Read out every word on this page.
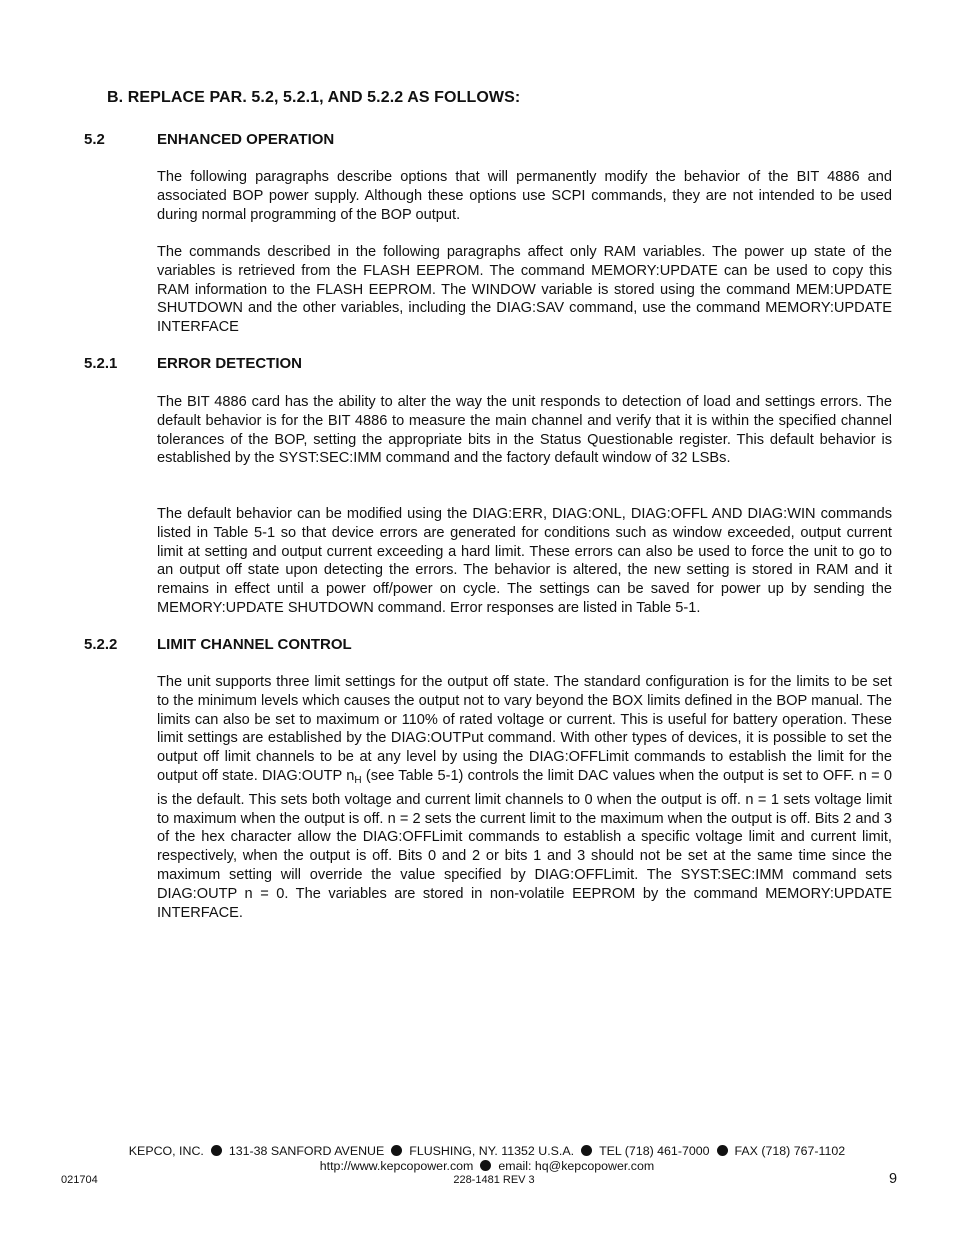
B. REPLACE PAR. 5.2, 5.2.1, AND 5.2.2 AS FOLLOWS:
5.2	ENHANCED OPERATION
The following paragraphs describe options that will permanently modify the behavior of the BIT 4886 and associated BOP power supply. Although these options use SCPI commands, they are not intended to be used during normal programming of the BOP output.
The commands described in the following paragraphs affect only RAM variables. The power up state of the variables is retrieved from the FLASH EEPROM. The command MEMORY:UPDATE can be used to copy this RAM information to the FLASH EEPROM. The WINDOW variable is stored using the command MEM:UPDATE SHUTDOWN and the other variables, including the DIAG:SAV command, use the command MEMORY:UPDATE INTERFACE
5.2.1	ERROR DETECTION
The BIT 4886 card has the ability to alter the way the unit responds to detection of load and settings errors. The default behavior is for the BIT 4886 to measure the main channel and verify that it is within the specified channel tolerances of the BOP, setting the appropriate bits in the Status Questionable register. This default behavior is established by the SYST:SEC:IMM command and the factory default window of 32 LSBs.
The default behavior can be modified using the DIAG:ERR, DIAG:ONL, DIAG:OFFL AND DIAG:WIN commands listed in Table 5-1 so that device errors are generated for conditions such as window exceeded, output current limit at setting and output current exceeding a hard limit. These errors can also be used to force the unit to go to an output off state upon detecting the errors. The behavior is altered, the new setting is stored in RAM and it remains in effect until a power off/power on cycle. The settings can be saved for power up by sending the MEMORY:UPDATE SHUTDOWN command. Error responses are listed in Table 5-1.
5.2.2	LIMIT CHANNEL CONTROL
The unit supports three limit settings for the output off state. The standard configuration is for the limits to be set to the minimum levels which causes the output not to vary beyond the BOX limits defined in the BOP manual. The limits can also be set to maximum or 110% of rated voltage or current. This is useful for battery operation. These limit settings are established by the DIAG:OUTPut command. With other types of devices, it is possible to set the output off limit channels to be at any level by using the DIAG:OFFLimit commands to establish the limit for the output off state. DIAG:OUTP $n_H$ (see Table 5-1) controls the limit DAC values when the output is set to OFF. n = 0 is the default. This sets both voltage and current limit channels to 0 when the output is off. n = 1 sets voltage limit to maximum when the output is off. n = 2 sets the current limit to the maximum when the output is off. Bits 2 and 3 of the hex character allow the DIAG:OFFLimit commands to establish a specific voltage limit and current limit, respectively, when the output is off. Bits 0 and 2 or bits 1 and 3 should not be set at the same time since the maximum setting will override the value specified by DIAG:OFFLimit. The SYST:SEC:IMM command sets DIAG:OUTP n = 0. The variables are stored in non-volatile EEPROM by the command MEMORY:UPDATE INTERFACE.
KEPCO, INC. 131-38 SANFORD AVENUE FLUSHING, NY. 11352 U.S.A. TEL (718) 461-7000 FAX (718) 767-1102
http://www.kepcopower.com email: hq@kepcopower.com
021704	228-1481 REV 3	9
